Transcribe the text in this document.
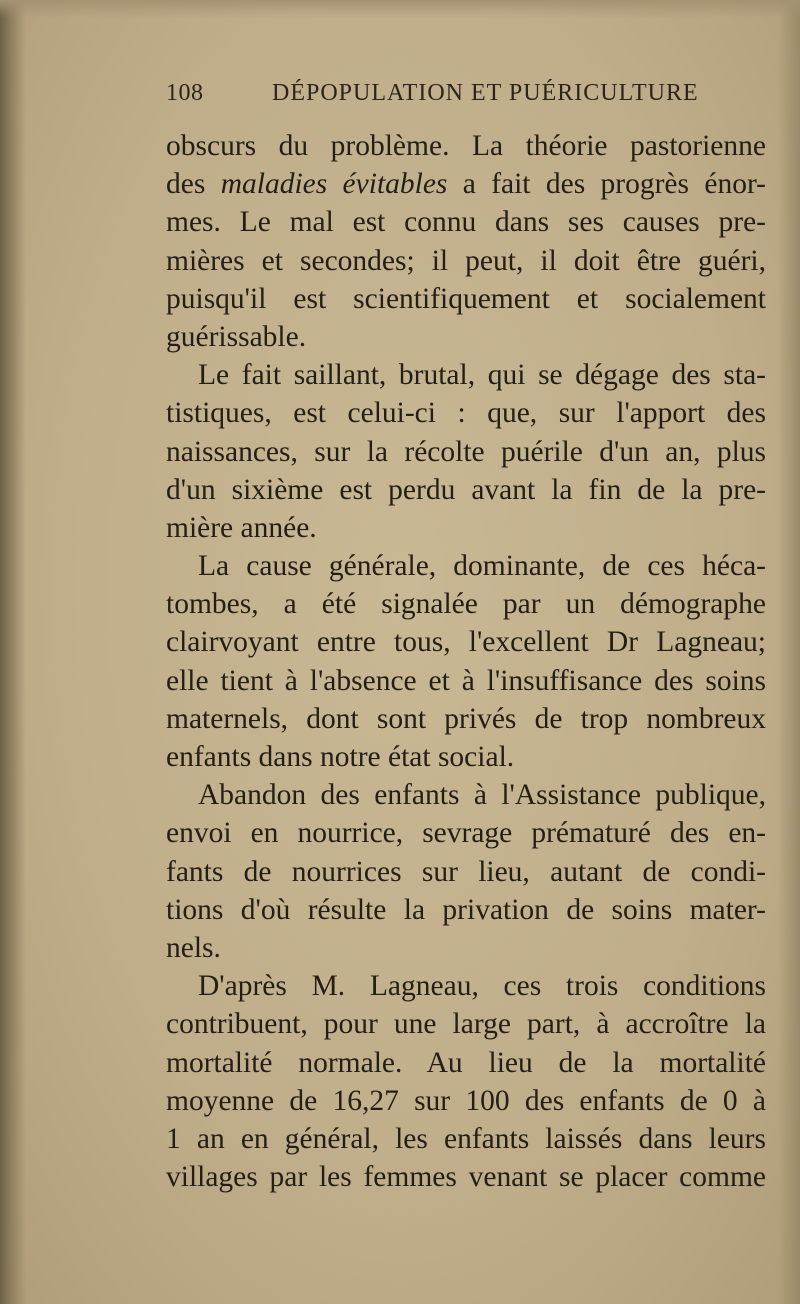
108	DÉPOPULATION ET PUÉRICULTURE
obscurs du problème. La théorie pastorienne
des maladies évitables a fait des progrès énor-
mes. Le mal est connu dans ses causes pre-
mières et secondes; il peut, il doit être guéri,
puisqu'il est scientifiquement et socialement
guérissable.
Le fait saillant, brutal, qui se dégage des sta-
tistiques, est celui-ci : que, sur l'apport des
naissances, sur la récolte puérile d'un an, plus
d'un sixième est perdu avant la fin de la pre-
mière année.
La cause générale, dominante, de ces héca-
tombes, a été signalée par un démographe
clairvoyant entre tous, l'excellent Dr Lagneau;
elle tient à l'absence et à l'insuffisance des soins
maternels, dont sont privés de trop nombreux
enfants dans notre état social.
Abandon des enfants à l'Assistance publique,
envoi en nourrice, sevrage prématuré des en-
fants de nourrices sur lieu, autant de condi-
tions d'où résulte la privation de soins mater-
nels.
D'après M. Lagneau, ces trois conditions
contribuent, pour une large part, à accroître la
mortalité normale. Au lieu de la mortalité
moyenne de 16,27 sur 100 des enfants de 0 à
1 an en général, les enfants laissés dans leurs
villages par les femmes venant se placer comme
